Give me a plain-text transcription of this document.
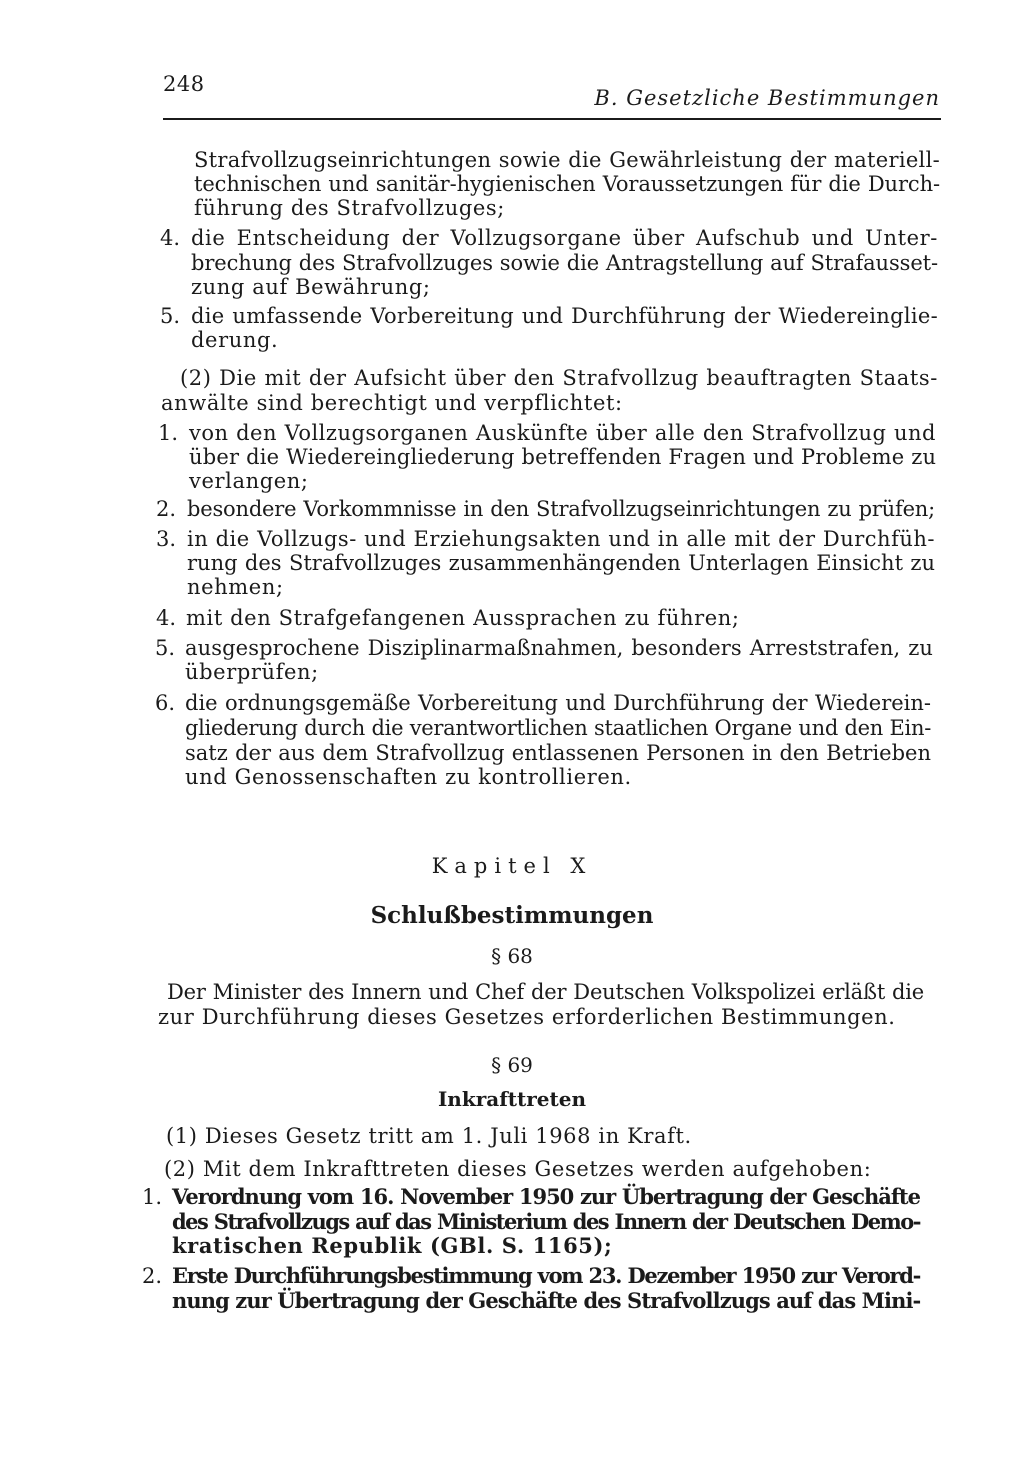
248
B. Gesetzliche Bestimmungen
Strafvollzugseinrichtungen sowie die Gewährleistung der materiell-
technischen und sanitär-hygienischen Voraussetzungen für die Durch-
führung des Strafvollzuges;
4. die Entscheidung der Vollzugsorgane über Aufschub und Unter-
brechung des Strafvollzuges sowie die Antragstellung auf Strafausset-
zung auf Bewährung;
5. die umfassende Vorbereitung und Durchführung der Wiedereinglie-
derung.
(2) Die mit der Aufsicht über den Strafvollzug beauftragten Staats-
anwälte sind berechtigt und verpflichtet:
1. von den Vollzugsorganen Auskünfte über alle den Strafvollzug und
über die Wiedereingliederung betreffenden Fragen und Probleme zu
verlangen;
2. besondere Vorkommnisse in den Strafvollzugseinrichtungen zu prüfen;
3. in die Vollzugs- und Erziehungsakten und in alle mit der Durchfüh-
rung des Strafvollzuges zusammenhängenden Unterlagen Einsicht zu
nehmen;
4. mit den Strafgefangenen Aussprachen zu führen;
5. ausgesprochene Disziplinarmaßnahmen, besonders Arreststrafen, zu
überprüfen;
6. die ordnungsgemäße Vorbereitung und Durchführung der Wiederein-
gliederung durch die verantwortlichen staatlichen Organe und den Ein-
satz der aus dem Strafvollzug entlassenen Personen in den Betrieben
und Genossenschaften zu kontrollieren.
Kapitel X
Schlußbestimmungen
§ 68
Der Minister des Innern und Chef der Deutschen Volkspolizei erläßt die
zur Durchführung dieses Gesetzes erforderlichen Bestimmungen.
§ 69
Inkrafttreten
(1) Dieses Gesetz tritt am 1. Juli 1968 in Kraft.
(2) Mit dem Inkrafttreten dieses Gesetzes werden aufgehoben:
1. Verordnung vom 16. November 1950 zur Übertragung der Geschäfte
des Strafvollzugs auf das Ministerium des Innern der Deutschen Demo-
kratischen Republik (GBl. S. 1165);
2. Erste Durchführungsbestimmung vom 23. Dezember 1950 zur Verord-
nung zur Übertragung der Geschäfte des Strafvollzugs auf das Mini-
